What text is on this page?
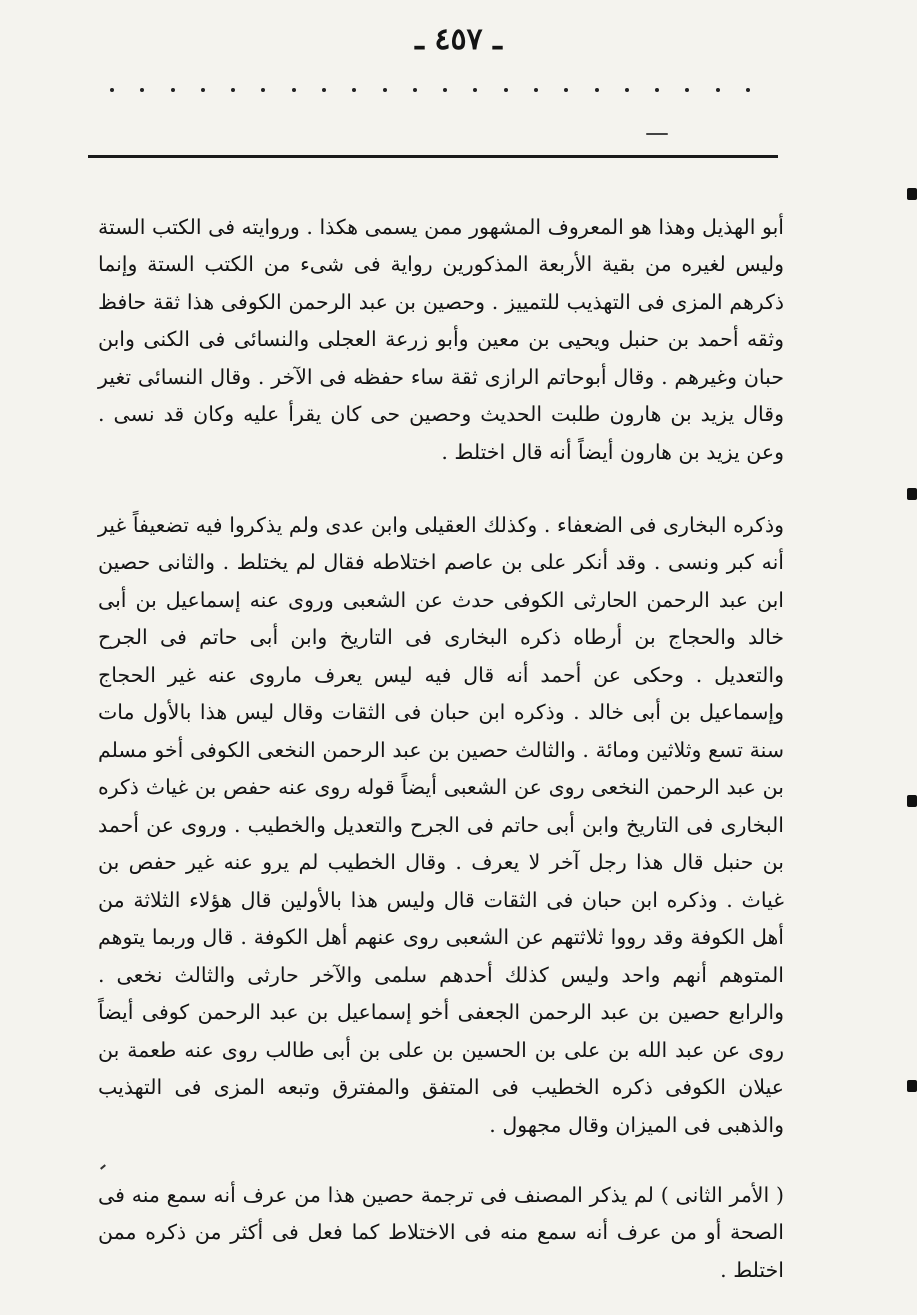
ـ ٤٥٧ ـ

أبو الهذيل وهذا هو المعروف المشهور ممن يسمى هكذا . وروايته فى الكتب الستة وليس لغيره من بقية الأربعة المذكورين رواية فى شىء من الكتب الستة وإنما ذكرهم المزى فى التهذيب للتمييز . وحصين بن عبد الرحمن الكوفى هذا ثقة حافظ وثقه أحمد بن حنبل ويحيى بن معين وأبو زرعة العجلى والنسائى فى الكنى وابن حبان وغيرهم . وقال أبوحاتم الرازى ثقة ساء حفظه فى الآخر . وقال النسائى تغير وقال يزيد بن هارون طلبت الحديث وحصين حى كان يقرأ عليه وكان قد نسى . وعن يزيد بن هارون أيضاً أنه قال اختلط .

وذكره البخارى فى الضعفاء . وكذلك العقيلى وابن عدى ولم يذكروا فيه تضعيفاً غير أنه كبر ونسى . وقد أنكر على بن عاصم اختلاطه فقال لم يختلط . والثانى حصين ابن عبد الرحمن الحارثى الكوفى حدث عن الشعبى وروى عنه إسماعيل بن أبى خالد والحجاج بن أرطاه ذكره البخارى فى التاريخ وابن أبى حاتم فى الجرح والتعديل . وحكى عن أحمد أنه قال فيه ليس يعرف ماروى عنه غير الحجاج وإسماعيل بن أبى خالد . وذكره ابن حبان فى الثقات وقال ليس هذا بالأول مات سنة تسع وثلاثين ومائة . والثالث حصين بن عبد الرحمن النخعى الكوفى أخو مسلم بن عبد الرحمن النخعى روى عن الشعبى أيضاً قوله روى عنه حفص بن غياث ذكره البخارى فى التاريخ وابن أبى حاتم فى الجرح والتعديل والخطيب . وروى عن أحمد بن حنبل قال هذا رجل آخر لا يعرف . وقال الخطيب لم يرو عنه غير حفص بن غياث . وذكره ابن حبان فى الثقات قال وليس هذا بالأولين قال هؤلاء الثلاثة من أهل الكوفة وقد رووا ثلاثتهم عن الشعبى روى عنهم أهل الكوفة . قال وربما يتوهم المتوهم أنهم واحد وليس كذلك أحدهم سلمى والآخر حارثى والثالث نخعى . والرابع حصين بن عبد الرحمن الجعفى أخو إسماعيل بن عبد الرحمن كوفى أيضاً روى عن عبد الله بن على بن الحسين بن على بن أبى طالب روى عنه طعمة بن عيلان الكوفى ذكره الخطيب فى المتفق والمفترق وتبعه المزى فى التهذيب والذهبى فى الميزان وقال مجهول .

( الأمر الثانى ) لم يذكر المصنف فى ترجمة حصين هذا من عرف أنه سمع منه فى الصحة أو من عرف أنه سمع منه فى الاختلاط كما فعل فى أكثر من ذكره ممن اختلط .
